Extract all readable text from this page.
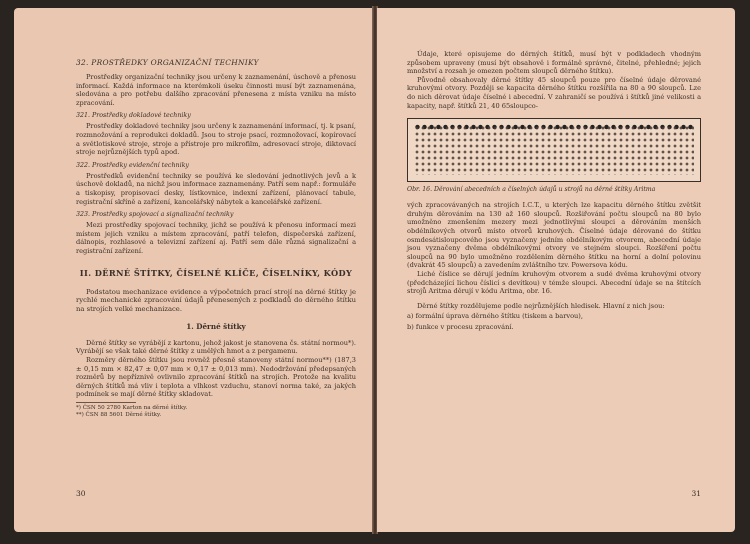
32. PROSTŘEDKY ORGANIZAČNÍ TECHNIKY

Prostředky organizační techniky jsou určeny k zaznamenání, úschově a přenosu informací. Každá informace na kterémkoli úseku činnosti musí být zaznamenána, sledována a pro potřebu dalšího zpracování přenesena z místa vzniku na místo zpracování.

321. Prostředky dokladové techniky

Prostředky dokladové techniky jsou určeny k zaznamenání informací, tj. k psaní, rozmnožování a reprodukci dokladů. Jsou to stroje psací, rozmnožovací, kopírovací a světlotiskové stroje, stroje a přístroje pro mikrofilm, adresovací stroje, diktovací stroje nejrůznějších typů apod.

322. Prostředky evidenční techniky

Prostředků evidenční techniky se používá ke sledování jednotlivých jevů a k úschově dokladů, na nichž jsou informace zaznamenány. Patří sem např.: formuláře a tiskopisy, propisovací desky, lístkovnice, indexní zařízení, plánovací tabule, registrační skříně a zařízení, kancelářský nábytek a kancelářské zařízení.

323. Prostředky spojovací a signalizační techniky

Mezi prostředky spojovací techniky, jichž se používá k přenosu informací mezi místem jejich vzniku a místem zpracování, patří telefon, dispečerská zařízení, dálnopis, rozhlasové a televizní zařízení aj. Patří sem dále různá signalizační a registrační zařízení.

II. DĚRNÉ ŠTÍTKY, ČÍSELNÉ KLÍČE, ČÍSELNÍKY, KÓDY

Podstatou mechanizace evidence a výpočetních prací strojí na děrné štítky je rychlé mechanické zpracování údajů přenesených z podkladů do děrného štítku na strojích velké mechanizace.

1. Děrné štítky

Děrné štítky se vyrábějí z kartonu, jehož jakost je stanovena čs. státní normou*). Vyrábějí se však také děrné štítky z umělých hmot a z pergamenu.

Rozměry děrného štítku jsou rovněž přesně stanoveny státní normou**) (187,3 ± 0,15 mm × 82,47 ± 0,07 mm × 0,17 ± 0,013 mm). Nedodržování předepsaných rozměrů by nepříznivě ovlivnilo zpracování štítků na strojích. Protože na kvalitu děrných štítků má vliv i teplota a vlhkost vzduchu, stanoví norma také, za jakých podmínek se mají děrné štítky skladovat.

*) ČSN 50 2780 Karton na děrné štítky.

**) ČSN 88 5601 Děrné štítky.

30

Údaje, které opisujeme do děrných štítků, musí být v podkladech vhodným způsobem upraveny (musí být obsahově i formálně správné, čitelné, přehledné; jejich množství a rozsah je omezen počtem sloupců děrného štítku).

Původně obsahovaly děrné štítky 45 sloupců pouze pro číselné údaje děrované kruhovými otvory. Později se kapacita děrného štítku rozšířila na 80 a 90 sloupců. Lze do nich děrovat údaje číselné i abecední. V zahraničí se používá i štítků jiné velikosti a kapacity, např. štítků 21, 40 65sloupco-

Obr. 16. Děrování abecedních a číselných údajů u strojů na děrné štítky Aritma

vých zpracovávaných na strojích I.C.T., u kterých lze kapacitu děrného štítku zvětšit druhým děrováním na 130 až 160 sloupců. Rozšiřování počtu sloupců na 80 bylo umožněno zmenšením mezery mezi jednotlivými sloupci a děrováním menších obdélníkových otvorů místo otvorů kruhových. Číselné údaje děrované do štítku osmdesátisloupcového jsou vyznačeny jedním obdélníkovým otvorem, abecední údaje jsou vyznačeny dvěma obdélníkovými otvory ve stejném sloupci. Rozšíření počtu sloupců na 90 bylo umožněno rozdělením děrného štítku na horní a dolní polovinu (dvakrát 45 sloupců) a zavedením zvláštního tzv. Powersova kódu.

Liché číslice se děrují jedním kruhovým otvorem a sudé dvěma kruhovými otvory (předcházející lichou číslicí s devítkou) v témže sloupci. Abecední údaje se na štítcích strojů Aritma děrují v kódu Aritma, obr. 16.

Děrné štítky rozdělujeme podle nejrůznějších hledisek. Hlavní z nich jsou:

a) formální úprava děrného štítku (tiskem a barvou),

b) funkce v procesu zpracování.

31
